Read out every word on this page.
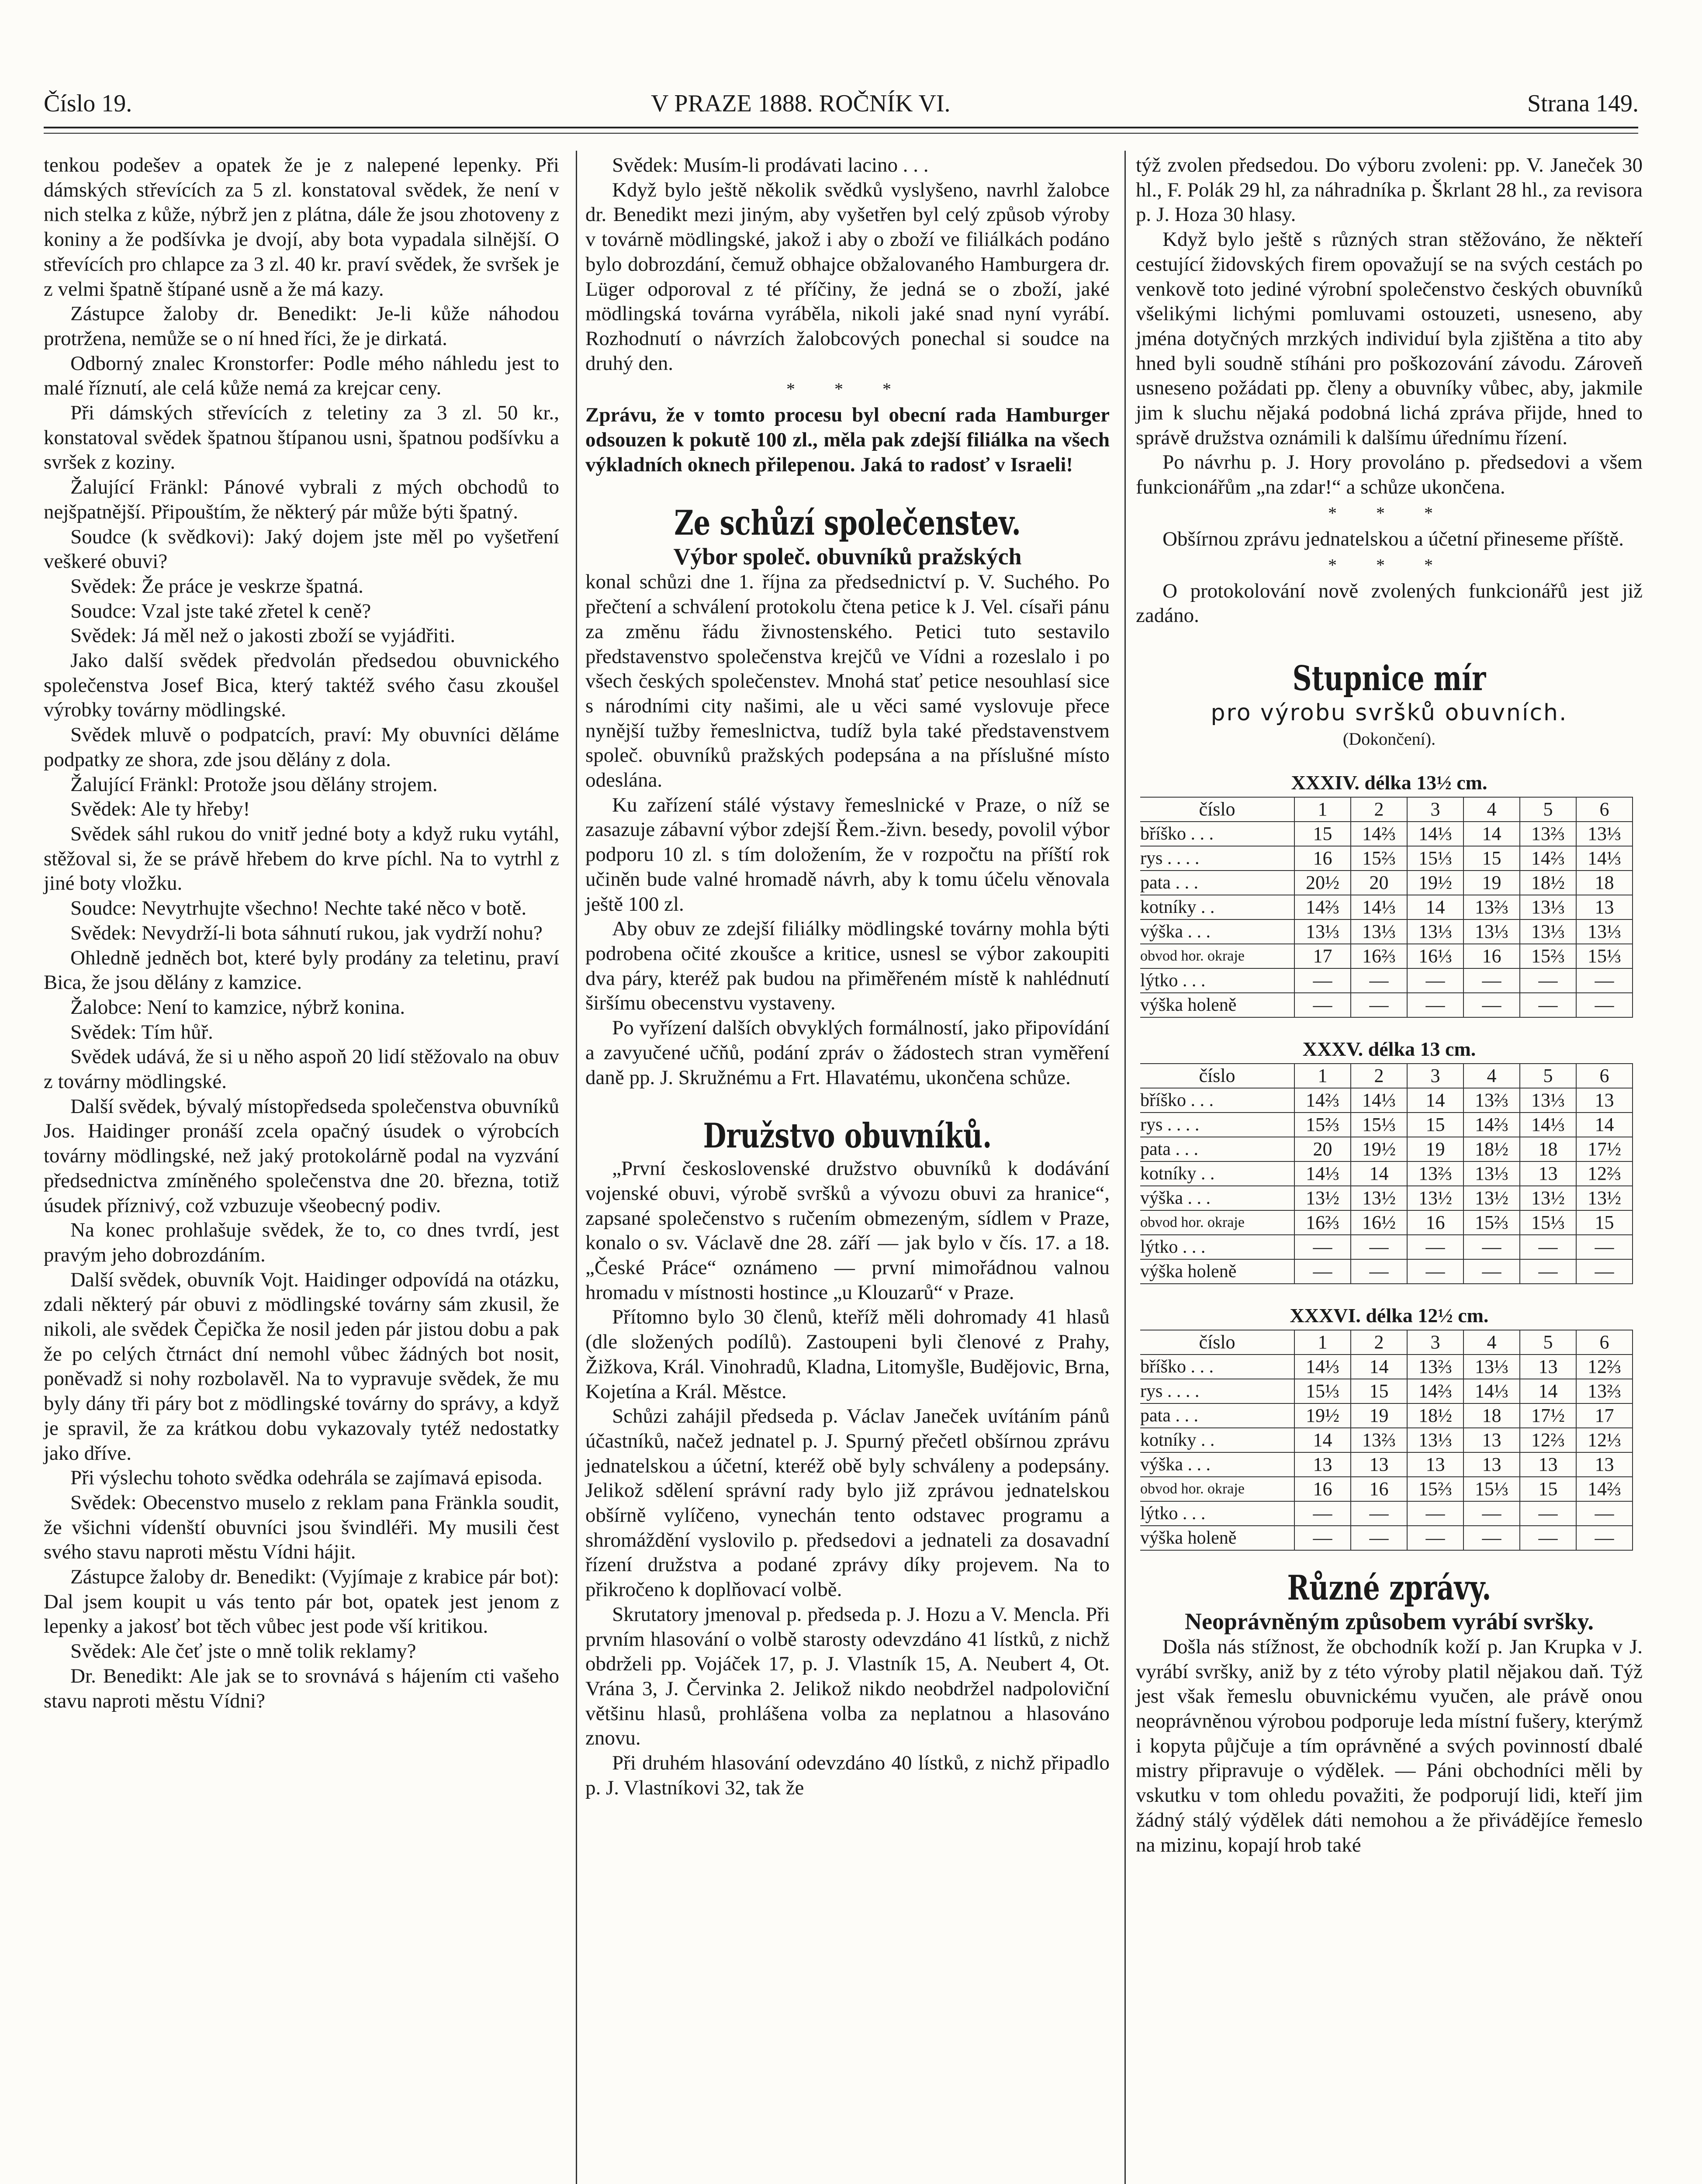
Číslo 19.	V PRAZE 1888. ROČNÍK VI.	Strana 149.

tenkou podešev a opatek že je z nalepené lepenky. Při dámských střevících za 5 zl. konstatoval svědek, že není v nich stelka z kůže, nýbrž jen z plátna, dále že jsou zhotoveny z koniny a že podšívka je dvojí, aby bota vypadala silnější. O střevících pro chlapce za 3 zl. 40 kr. praví svědek, že svršek je z velmi špatně štípané usně a že má kazy.

Zástupce žaloby dr. Benedikt: Je-li kůže náhodou protržena, nemůže se o ní hned říci, že je dirkatá.

Odborný znalec Kronstorfer: Podle mého náhledu jest to malé říznutí, ale celá kůže nemá za krejcar ceny.

Při dámských střevících z teletiny za 3 zl. 50 kr., konstatoval svědek špatnou štípanou usni, špatnou podšívku a svršek z koziny.

Žalující Fränkl: Pánové vybrali z mých obchodů to nejšpatnější. Připouštím, že některý pár může býti špatný.

Soudce (k svědkovi): Jaký dojem jste měl po vyšetření veškeré obuvi?

Svědek: Že práce je veskrze špatná.

Soudce: Vzal jste také zřetel k ceně?

Svědek: Já měl než o jakosti zboží se vyjádřiti.

Jako další svědek předvolán předsedou obuvnického společenstva Josef Bica, který taktéž svého času zkoušel výrobky továrny mödlingské.

Svědek mluvě o podpatcích, praví: My obuvníci děláme podpatky ze shora, zde jsou dělány z dola.

Žalující Fränkl: Protože jsou dělány strojem.

Svědek: Ale ty hřeby!

Svědek sáhl rukou do vnitř jedné boty a když ruku vytáhl, stěžoval si, že se právě hřebem do krve píchl. Na to vytrhl z jiné boty vložku.

Soudce: Nevytrhujte všechno! Nechte také něco v botě.

Svědek: Nevydrží-li bota sáhnutí rukou, jak vydrží nohu?

Ohledně jedněch bot, které byly prodány za teletinu, praví Bica, že jsou dělány z kamzice.

Žalobce: Není to kamzice, nýbrž konina.

Svědek: Tím hůř.

Svědek udává, že si u něho aspoň 20 lidí stěžovalo na obuv z továrny mödlingské.

Další svědek, bývalý místopředseda společenstva obuvníků Jos. Haidinger pronáší zcela opačný úsudek o výrobcích továrny mödlingské, než jaký protokolárně podal na vyzvání předsednictva zmíněného společenstva dne 20. března, totiž úsudek příznivý, což vzbuzuje všeobecný podiv.

Na konec prohlašuje svědek, že to, co dnes tvrdí, jest pravým jeho dobrozdáním.

Další svědek, obuvník Vojt. Haidinger odpovídá na otázku, zdali některý pár obuvi z mödlingské továrny sám zkusil, že nikoli, ale svědek Čepička že nosil jeden pár jistou dobu a pak že po celých čtrnáct dní nemohl vůbec žádných bot nosit, poněvadž si nohy rozbolavěl. Na to vypravuje svědek, že mu byly dány tři páry bot z mödlingské továrny do správy, a když je spravil, že za krátkou dobu vykazovaly tytéž nedostatky jako dříve.

Při výslechu tohoto svědka odehrála se zajímavá episoda.

Svědek: Obecenstvo muselo z reklam pana Fränkla soudit, že všichni vídenští obuvníci jsou švindléři. My musili čest svého stavu naproti městu Vídni hájit.

Zástupce žaloby dr. Benedikt: (Vyjímaje z krabice pár bot): Dal jsem koupit u vás tento pár bot, opatek jest jenom z lepenky a jakosť bot těch vůbec jest pode vší kritikou.

Svědek: Ale čeť jste o mně tolik reklamy?

Dr. Benedikt: Ale jak se to srovnává s hájením cti vašeho stavu naproti městu Vídni?

Svědek: Musím-li prodávati lacino . . .

Když bylo ještě několik svědků vyslyšeno, navrhl žalobce dr. Benedikt mezi jiným, aby vyšetřen byl celý způsob výroby v továrně mödlingské, jakož i aby o zboží ve filiálkách podáno bylo dobrozdání, čemuž obhajce obžalovaného Hamburgera dr. Lüger odporoval z té příčiny, že jedná se o zboží, jaké mödlingská továrna vyráběla, nikoli jaké snad nyní vyrábí. Rozhodnutí o návrzích žalobcových ponechal si soudce na druhý den.

* * *

Zprávu, že v tomto procesu byl obecní rada Hamburger odsouzen k pokutě 100 zl., měla pak zdejší filiálka na všech výkladních oknech přilepenou. Jaká to radosť v Israeli!

Ze schůzí společenstev.

Výbor společ. obuvníků pražských

konal schůzi dne 1. října za předsednictví p. V. Suchého. Po přečtení a schválení protokolu čtena petice k J. Vel. císaři pánu za změnu řádu živnostenského. Petici tuto sestavilo představenstvo společenstva krejčů ve Vídni a rozeslalo i po všech českých společenstev. Mnohá stať petice nesouhlasí sice s národními city našimi, ale u věci samé vyslovuje přece nynější tužby řemeslnictva, tudíž byla také představenstvem společ. obuvníků pražských podepsána a na příslušné místo odeslána.

Ku zařízení stálé výstavy řemeslnické v Praze, o níž se zasazuje zábavní výbor zdejší Řem.-živn. besedy, povolil výbor podporu 10 zl. s tím doložením, že v rozpočtu na příští rok učiněn bude valné hromadě návrh, aby k tomu účelu věnovala ještě 100 zl.

Aby obuv ze zdejší filiálky mödlingské továrny mohla býti podrobena očité zkoušce a kritice, usnesl se výbor zakoupiti dva páry, kteréž pak budou na přiměřeném místě k nahlédnutí širšímu obecenstvu vystaveny.

Po vyřízení dalších obvyklých formálností, jako připovídání a zavyučené učňů, podání zpráv o žádostech stran vyměření daně pp. J. Skružnému a Frt. Hlavatému, ukončena schůze.

Družstvo obuvníků.

„První československé družstvo obuvníků k dodávání vojenské obuvi, výrobě svršků a vývozu obuvi za hranice“, zapsané společenstvo s ručením obmezeným, sídlem v Praze, konalo o sv. Václavě dne 28. září — jak bylo v čís. 17. a 18. „České Práce“ oznámeno — první mimořádnou valnou hromadu v místnosti hostince „u Klouzarů“ v Praze.

Přítomno bylo 30 členů, kteříž měli dohromady 41 hlasů (dle složených podílů). Zastoupeni byli členové z Prahy, Žižkova, Král. Vinohradů, Kladna, Litomyšle, Budějovic, Brna, Kojetína a Král. Městce.

Schůzi zahájil předseda p. Václav Janeček uvítáním pánů účastníků, načež jednatel p. J. Spurný přečetl obšírnou zprávu jednatelskou a účetní, kteréž obě byly schváleny a podepsány. Jelikož sdělení správní rady bylo již zprávou jednatelskou obšírně vylíčeno, vynechán tento odstavec programu a shromáždění vyslovilo p. předsedovi a jednateli za dosavadní řízení družstva a podané zprávy díky projevem. Na to přikročeno k doplňovací volbě.

Skrutatory jmenoval p. předseda p. J. Hozu a V. Mencla. Při prvním hlasování o volbě starosty odevzdáno 41 lístků, z nichž obdrželi pp. Vojáček 17, p. J. Vlastník 15, A. Neubert 4, Ot. Vrána 3, J. Červinka 2. Jelikož nikdo neobdržel nadpoloviční většinu hlasů, prohlášena volba za neplatnou a hlasováno znovu.

Při druhém hlasování odevzdáno 40 lístků, z nichž připadlo p. J. Vlastníkovi 32, tak že

týž zvolen předsedou. Do výboru zvoleni: pp. V. Janeček 30 hl., F. Polák 29 hl, za náhradníka p. Škrlant 28 hl., za revisora p. J. Hoza 30 hlasy.

Když bylo ještě s různých stran stěžováno, že někteří cestující židovských firem opovažují se na svých cestách po venkově toto jediné výrobní společenstvo českých obuvníků všelikými lichými pomluvami ostouzeti, usneseno, aby jména dotyčných mrzkých individuí byla zjištěna a tito aby hned byli soudně stíháni pro poškozování závodu. Zároveň usneseno požádati pp. členy a obuvníky vůbec, aby, jakmile jim k sluchu nějaká podobná lichá zpráva přijde, hned to správě družstva oznámili k dalšímu úřednímu řízení.

Po návrhu p. J. Hory provoláno p. předsedovi a všem funkcionářům „na zdar!“ a schůze ukončena.

* * *

Obšírnou zprávu jednatelskou a účetní přineseme příště.

* * *

O protokolování nově zvolených funkcionářů jest již zadáno.

Stupnice mír

pro výrobu svršků obuvních.

(Dokončení).

XXXIV. délka 13½ cm.

číslo	1	2	3	4	5	6
bříško . . .	15	14⅔	14⅓	14	13⅔	13⅓
rys . . . .	16	15⅔	15⅓	15	14⅔	14⅓
pata . . .	20½	20	19½	19	18½	18
kotníky . .	14⅔	14⅓	14	13⅔	13⅓	13
výška . . .	13⅓	13⅓	13⅓	13⅓	13⅓	13⅓
obvod hor. okraje	17	16⅔	16⅓	16	15⅔	15⅓
lýtko . . .	—	—	—	—	—	—
výška holeně	—	—	—	—	—	—

XXXV. délka 13 cm.

číslo	1	2	3	4	5	6
bříško . . .	14⅔	14⅓	14	13⅔	13⅓	13
rys . . . .	15⅔	15⅓	15	14⅔	14⅓	14
pata . . .	20	19½	19	18½	18	17½
kotníky . .	14⅓	14	13⅔	13⅓	13	12⅔
výška . . .	13½	13½	13½	13½	13½	13½
obvod hor. okraje	16⅔	16½	16	15⅔	15⅓	15
lýtko . . .	—	—	—	—	—	—
výška holeně	—	—	—	—	—	—

XXXVI. délka 12½ cm.

číslo	1	2	3	4	5	6
bříško . . .	14⅓	14	13⅔	13⅓	13	12⅔
rys . . . .	15⅓	15	14⅔	14⅓	14	13⅔
pata . . .	19½	19	18½	18	17½	17
kotníky . .	14	13⅔	13⅓	13	12⅔	12⅓
výška . . .	13	13	13	13	13	13
obvod hor. okraje	16	16	15⅔	15⅓	15	14⅔
lýtko . . .	—	—	—	—	—	—
výška holeně	—	—	—	—	—	—

Různé zprávy.

Neoprávněným způsobem vyrábí svršky.

Došla nás stížnost, že obchodník koží p. Jan Krupka v J. vyrábí svršky, aniž by z této výroby platil nějakou daň. Týž jest však řemeslu obuvnickému vyučen, ale právě onou neoprávněnou výrobou podporuje leda místní fušery, kterýmž i kopyta půjčuje a tím oprávněné a svých povinností dbalé mistry připravuje o výdělek. — Páni obchodníci měli by vskutku v tom ohledu považiti, že podporují lidi, kteří jim žádný stálý výdělek dáti nemohou a že přivádějíce řemeslo na mizinu, kopají hrob také
